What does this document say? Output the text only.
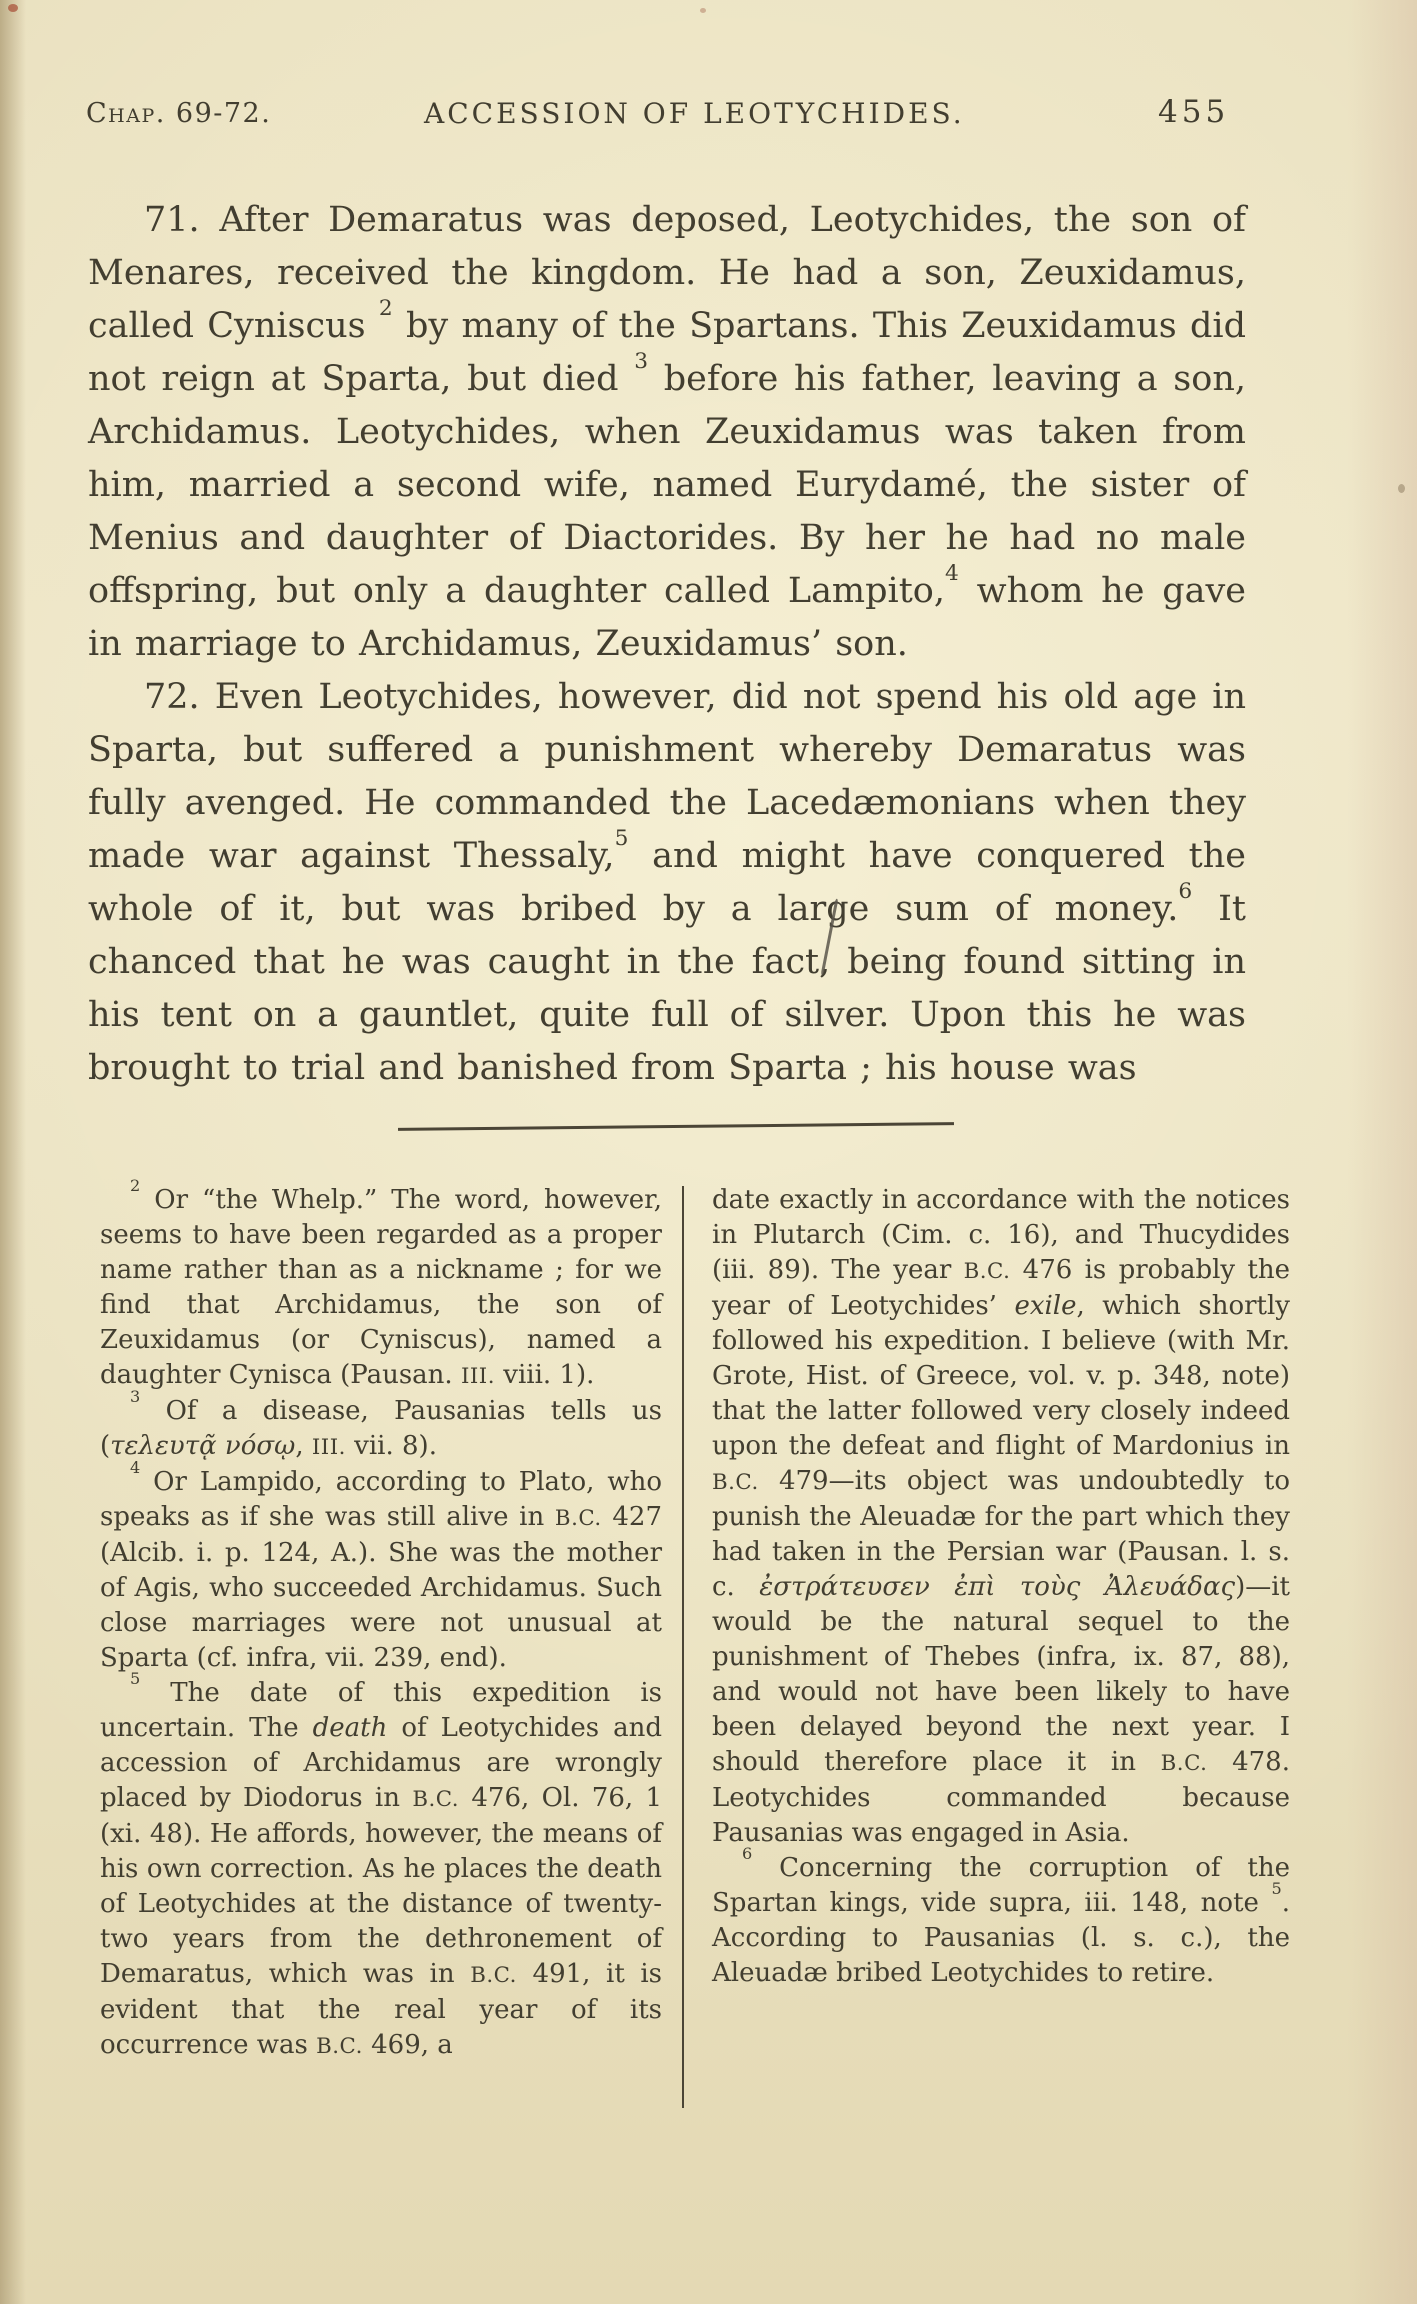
Chap. 69-72.	ACCESSION OF LEOTYCHIDES.	455

71. After Demaratus was deposed, Leotychides, the son of Menares, received the kingdom. He had a son, Zeuxidamus, called Cyniscus $^2$ by many of the Spartans. This Zeuxidamus did not reign at Sparta, but died $^3$ before his father, leaving a son, Archidamus. Leotychides, when Zeuxidamus was taken from him, married a second wife, named Eurydamé, the sister of Menius and daughter of Diactorides. By her he had no male offspring, but only a daughter called Lampito,$^4$ whom he gave in marriage to Archidamus, Zeuxidamus’ son.

72. Even Leotychides, however, did not spend his old age in Sparta, but suffered a punishment whereby Demaratus was fully avenged. He commanded the Lacedæmonians when they made war against Thessaly,$^5$ and might have conquered the whole of it, but was bribed by a large sum of money.$^6$ It chanced that he was caught in the fact, being found sitting in his tent on a gauntlet, quite full of silver. Upon this he was brought to trial and banished from Sparta ; his house was

$^2$ Or “the Whelp.” The word, however, seems to have been regarded as a proper name rather than as a nickname ; for we find that Archidamus, the son of Zeuxidamus (or Cyniscus), named a daughter Cynisca (Pausan. III. viii. 1).

$^3$ Of a disease, Pausanias tells us (τελευτᾷ νόσῳ, III. vii. 8).

$^4$ Or Lampido, according to Plato, who speaks as if she was still alive in B.C. 427 (Alcib. i. p. 124, A.). She was the mother of Agis, who succeeded Archidamus. Such close marriages were not unusual at Sparta (cf. infra, vii. 239, end).

$^5$ The date of this expedition is uncertain. The death of Leotychides and accession of Archidamus are wrongly placed by Diodorus in B.C. 476, Ol. 76, 1 (xi. 48). He affords, however, the means of his own correction. As he places the death of Leotychides at the distance of twenty-two years from the dethronement of Demaratus, which was in B.C. 491, it is evident that the real year of its occurrence was B.C. 469, a

date exactly in accordance with the notices in Plutarch (Cim. c. 16), and Thucydides (iii. 89). The year B.C. 476 is probably the year of Leotychides’ exile, which shortly followed his expedition. I believe (with Mr. Grote, Hist. of Greece, vol. v. p. 348, note) that the latter followed very closely indeed upon the defeat and flight of Mardonius in B.C. 479—its object was undoubtedly to punish the Aleuadæ for the part which they had taken in the Persian war (Pausan. l. s. c. ἐστράτευσεν ἐπὶ τοὺς Ἀλευάδας)—it would be the natural sequel to the punishment of Thebes (infra, ix. 87, 88), and would not have been likely to have been delayed beyond the next year. I should therefore place it in B.C. 478. Leotychides commanded because Pausanias was engaged in Asia.

$^6$ Concerning the corruption of the Spartan kings, vide supra, iii. 148, note $^5$. According to Pausanias (l. s. c.), the Aleuadæ bribed Leotychides to retire.
